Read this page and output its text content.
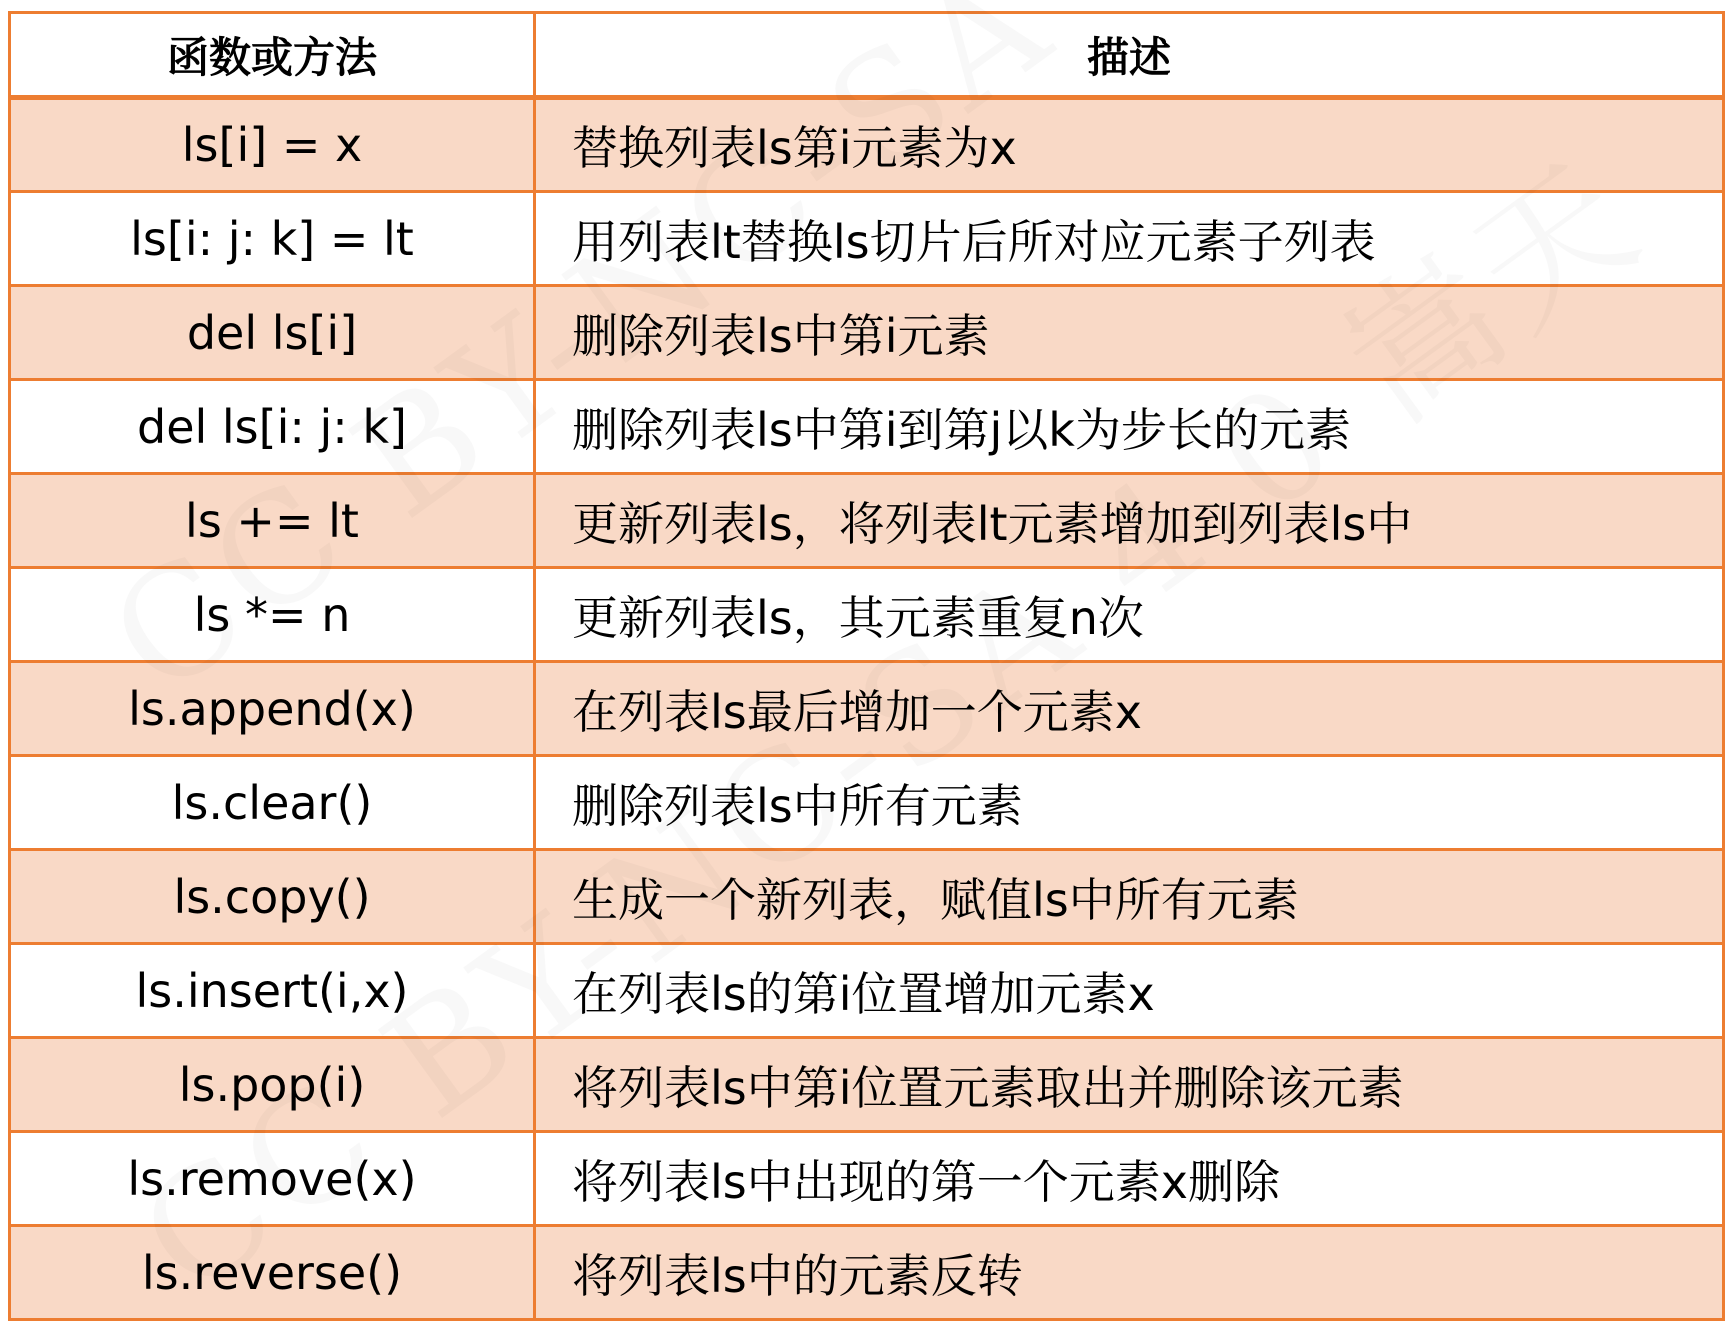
函数或方法	描述
ls[i] = x	替换列表ls第i元素为x
ls[i: j: k] = lt	用列表lt替换ls切片后所对应元素子列表
del ls[i]	删除列表ls中第i元素
del ls[i: j: k]	删除列表ls中第i到第j以k为步长的元素
ls += lt	更新列表ls，将列表lt元素增加到列表ls中
ls *= n	更新列表ls，其元素重复n次
ls.append(x)	在列表ls最后增加一个元素x
ls.clear()	删除列表ls中所有元素
ls.copy()	生成一个新列表，赋值ls中所有元素
ls.insert(i,x)	在列表ls的第i位置增加元素x
ls.pop(i)	将列表ls中第i位置元素取出并删除该元素
ls.remove(x)	将列表ls中出现的第一个元素x删除
ls.reverse()	将列表ls中的元素反转
